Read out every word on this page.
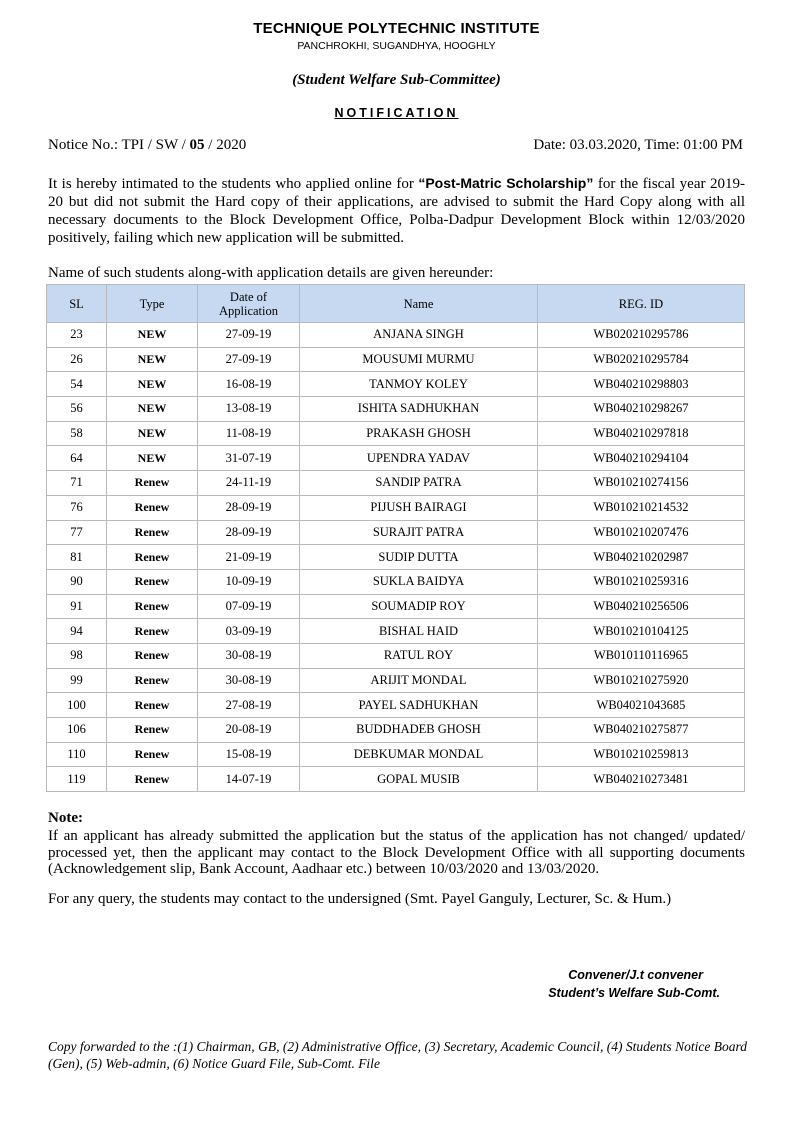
TECHNIQUE POLYTECHNIC INSTITUTE
PANCHROKHI, SUGANDHYA, HOOGHLY
(Student Welfare Sub-Committee)
NOTIFICATION
Notice No.: TPI / SW / 05 / 2020	Date: 03.03.2020, Time: 01:00 PM
It is hereby intimated to the students who applied online for “Post-Matric Scholarship” for the fiscal year 2019-20 but did not submit the Hard copy of their applications, are advised to submit the Hard Copy along with all necessary documents to the Block Development Office, Polba-Dadpur Development Block within 12/03/2020 positively, failing which new application will be submitted.
Name of such students along-with application details are given hereunder:
SL	Type	Date of
Application	Name	REG. ID
23	NEW	27-09-19	ANJANA SINGH	WB020210295786
26	NEW	27-09-19	MOUSUMI MURMU	WB020210295784
54	NEW	16-08-19	TANMOY KOLEY	WB040210298803
56	NEW	13-08-19	ISHITA SADHUKHAN	WB040210298267
58	NEW	11-08-19	PRAKASH GHOSH	WB040210297818
64	NEW	31-07-19	UPENDRA YADAV	WB040210294104
71	Renew	24-11-19	SANDIP PATRA	WB010210274156
76	Renew	28-09-19	PIJUSH BAIRAGI	WB010210214532
77	Renew	28-09-19	SURAJIT PATRA	WB010210207476
81	Renew	21-09-19	SUDIP DUTTA	WB040210202987
90	Renew	10-09-19	SUKLA BAIDYA	WB010210259316
91	Renew	07-09-19	SOUMADIP ROY	WB040210256506
94	Renew	03-09-19	BISHAL HAID	WB010210104125
98	Renew	30-08-19	RATUL ROY	WB010110116965
99	Renew	30-08-19	ARIJIT MONDAL	WB010210275920
100	Renew	27-08-19	PAYEL SADHUKHAN	WB04021043685
106	Renew	20-08-19	BUDDHADEB GHOSH	WB040210275877
110	Renew	15-08-19	DEBKUMAR MONDAL	WB010210259813
119	Renew	14-07-19	GOPAL MUSIB	WB040210273481
Note:
If an applicant has already submitted the application but the status of the application has not changed/ updated/ processed yet, then the applicant may contact to the Block Development Office with all supporting documents (Acknowledgement slip, Bank Account, Aadhaar etc.) between 10/03/2020 and 13/03/2020.
For any query, the students may contact to the undersigned (Smt. Payel Ganguly, Lecturer, Sc. & Hum.)
Convener/J.t convener
Student’s Welfare Sub-Comt.
Copy forwarded to the :(1) Chairman, GB, (2) Administrative Office, (3) Secretary, Academic Council, (4) Students Notice Board (Gen), (5) Web-admin, (6) Notice Guard File, Sub-Comt. File
